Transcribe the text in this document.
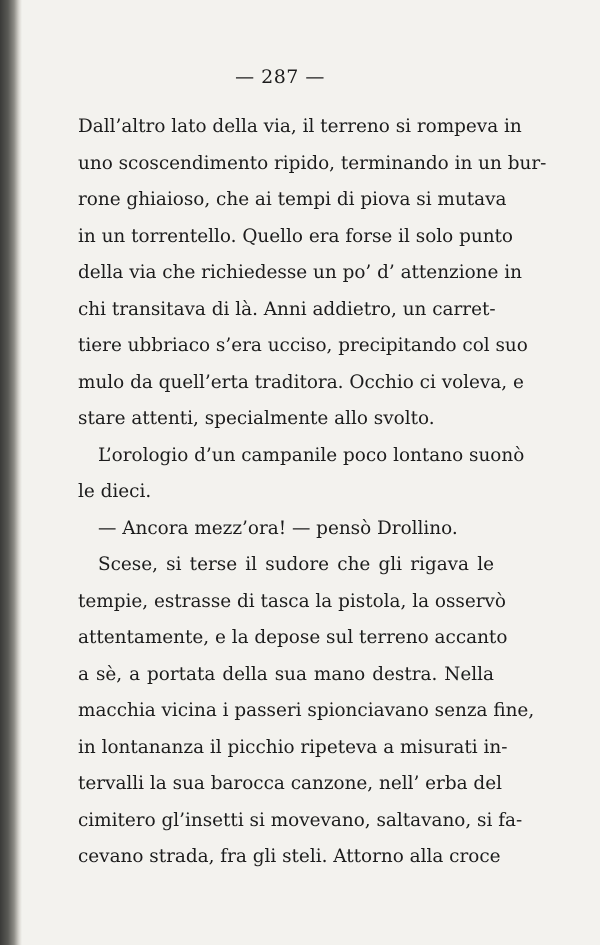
— 287 —
Dall’altro lato della via, il terreno si rompeva in
uno scoscendimento ripido, terminando in un bur-
rone ghiaioso, che ai tempi di piova si mutava
in un torrentello. Quello era forse il solo punto
della via che richiedesse un po’ d’ attenzione in
chi transitava di là. Anni addietro, un carret-
tiere ubbriaco s’era ucciso, precipitando col suo
mulo da quell’erta traditora. Occhio ci voleva, e
stare attenti, specialmente allo svolto.
L’orologio d’un campanile poco lontano suonò
le dieci.
— Ancora mezz’ora! — pensò Drollino.
Scese, si terse il sudore che gli rigava le
tempie, estrasse di tasca la pistola, la osservò
attentamente, e la depose sul terreno accanto
a sè, a portata della sua mano destra. Nella
macchia vicina i passeri spionciavano senza fine,
in lontananza il picchio ripeteva a misurati in-
tervalli la sua barocca canzone, nell’ erba del
cimitero gl’insetti si movevano, saltavano, si fa-
cevano strada, fra gli steli. Attorno alla croce
